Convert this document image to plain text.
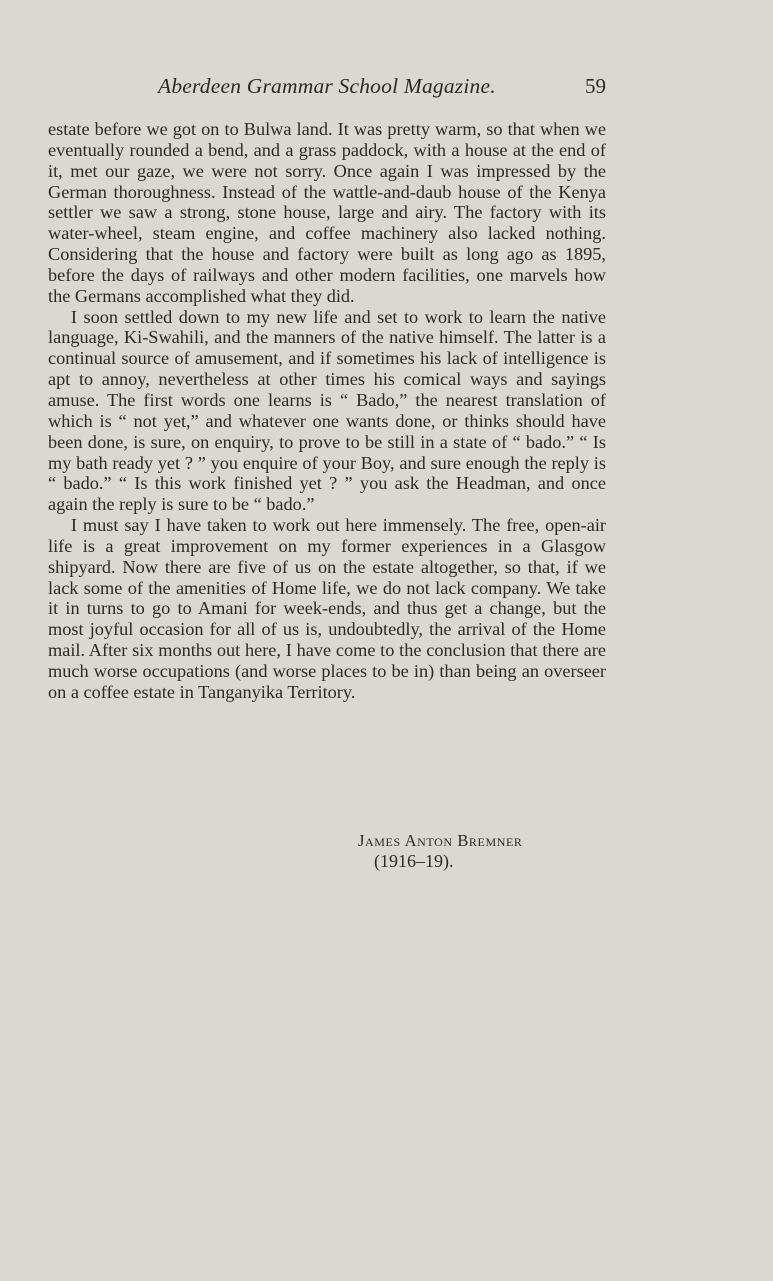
Aberdeen Grammar School Magazine.	59

estate before we got on to Bulwa land. It was pretty warm, so that when we eventually rounded a bend, and a grass paddock, with a house at the end of it, met our gaze, we were not sorry. Once again I was impressed by the German thoroughness. Instead of the wattle-and-daub house of the Kenya settler we saw a strong, stone house, large and airy. The factory with its water-wheel, steam engine, and coffee machinery also lacked nothing. Considering that the house and factory were built as long ago as 1895, before the days of railways and other modern facilities, one marvels how the Germans accomplished what they did.

I soon settled down to my new life and set to work to learn the native language, Ki-Swahili, and the manners of the native himself. The latter is a continual source of amusement, and if sometimes his lack of intelligence is apt to annoy, nevertheless at other times his comical ways and sayings amuse. The first words one learns is “ Bado,” the nearest translation of which is “ not yet,” and whatever one wants done, or thinks should have been done, is sure, on enquiry, to prove to be still in a state of “ bado.” “ Is my bath ready yet ? ” you enquire of your Boy, and sure enough the reply is “ bado.” “ Is this work finished yet ? ” you ask the Headman, and once again the reply is sure to be “ bado.”

I must say I have taken to work out here immensely. The free, open-air life is a great improvement on my former experiences in a Glasgow shipyard. Now there are five of us on the estate altogether, so that, if we lack some of the amenities of Home life, we do not lack company. We take it in turns to go to Amani for week-ends, and thus get a change, but the most joyful occasion for all of us is, undoubtedly, the arrival of the Home mail. After six months out here, I have come to the conclusion that there are much worse occupations (and worse places to be in) than being an overseer on a coffee estate in Tanganyika Territory.

James Anton Bremner
(1916–19).
